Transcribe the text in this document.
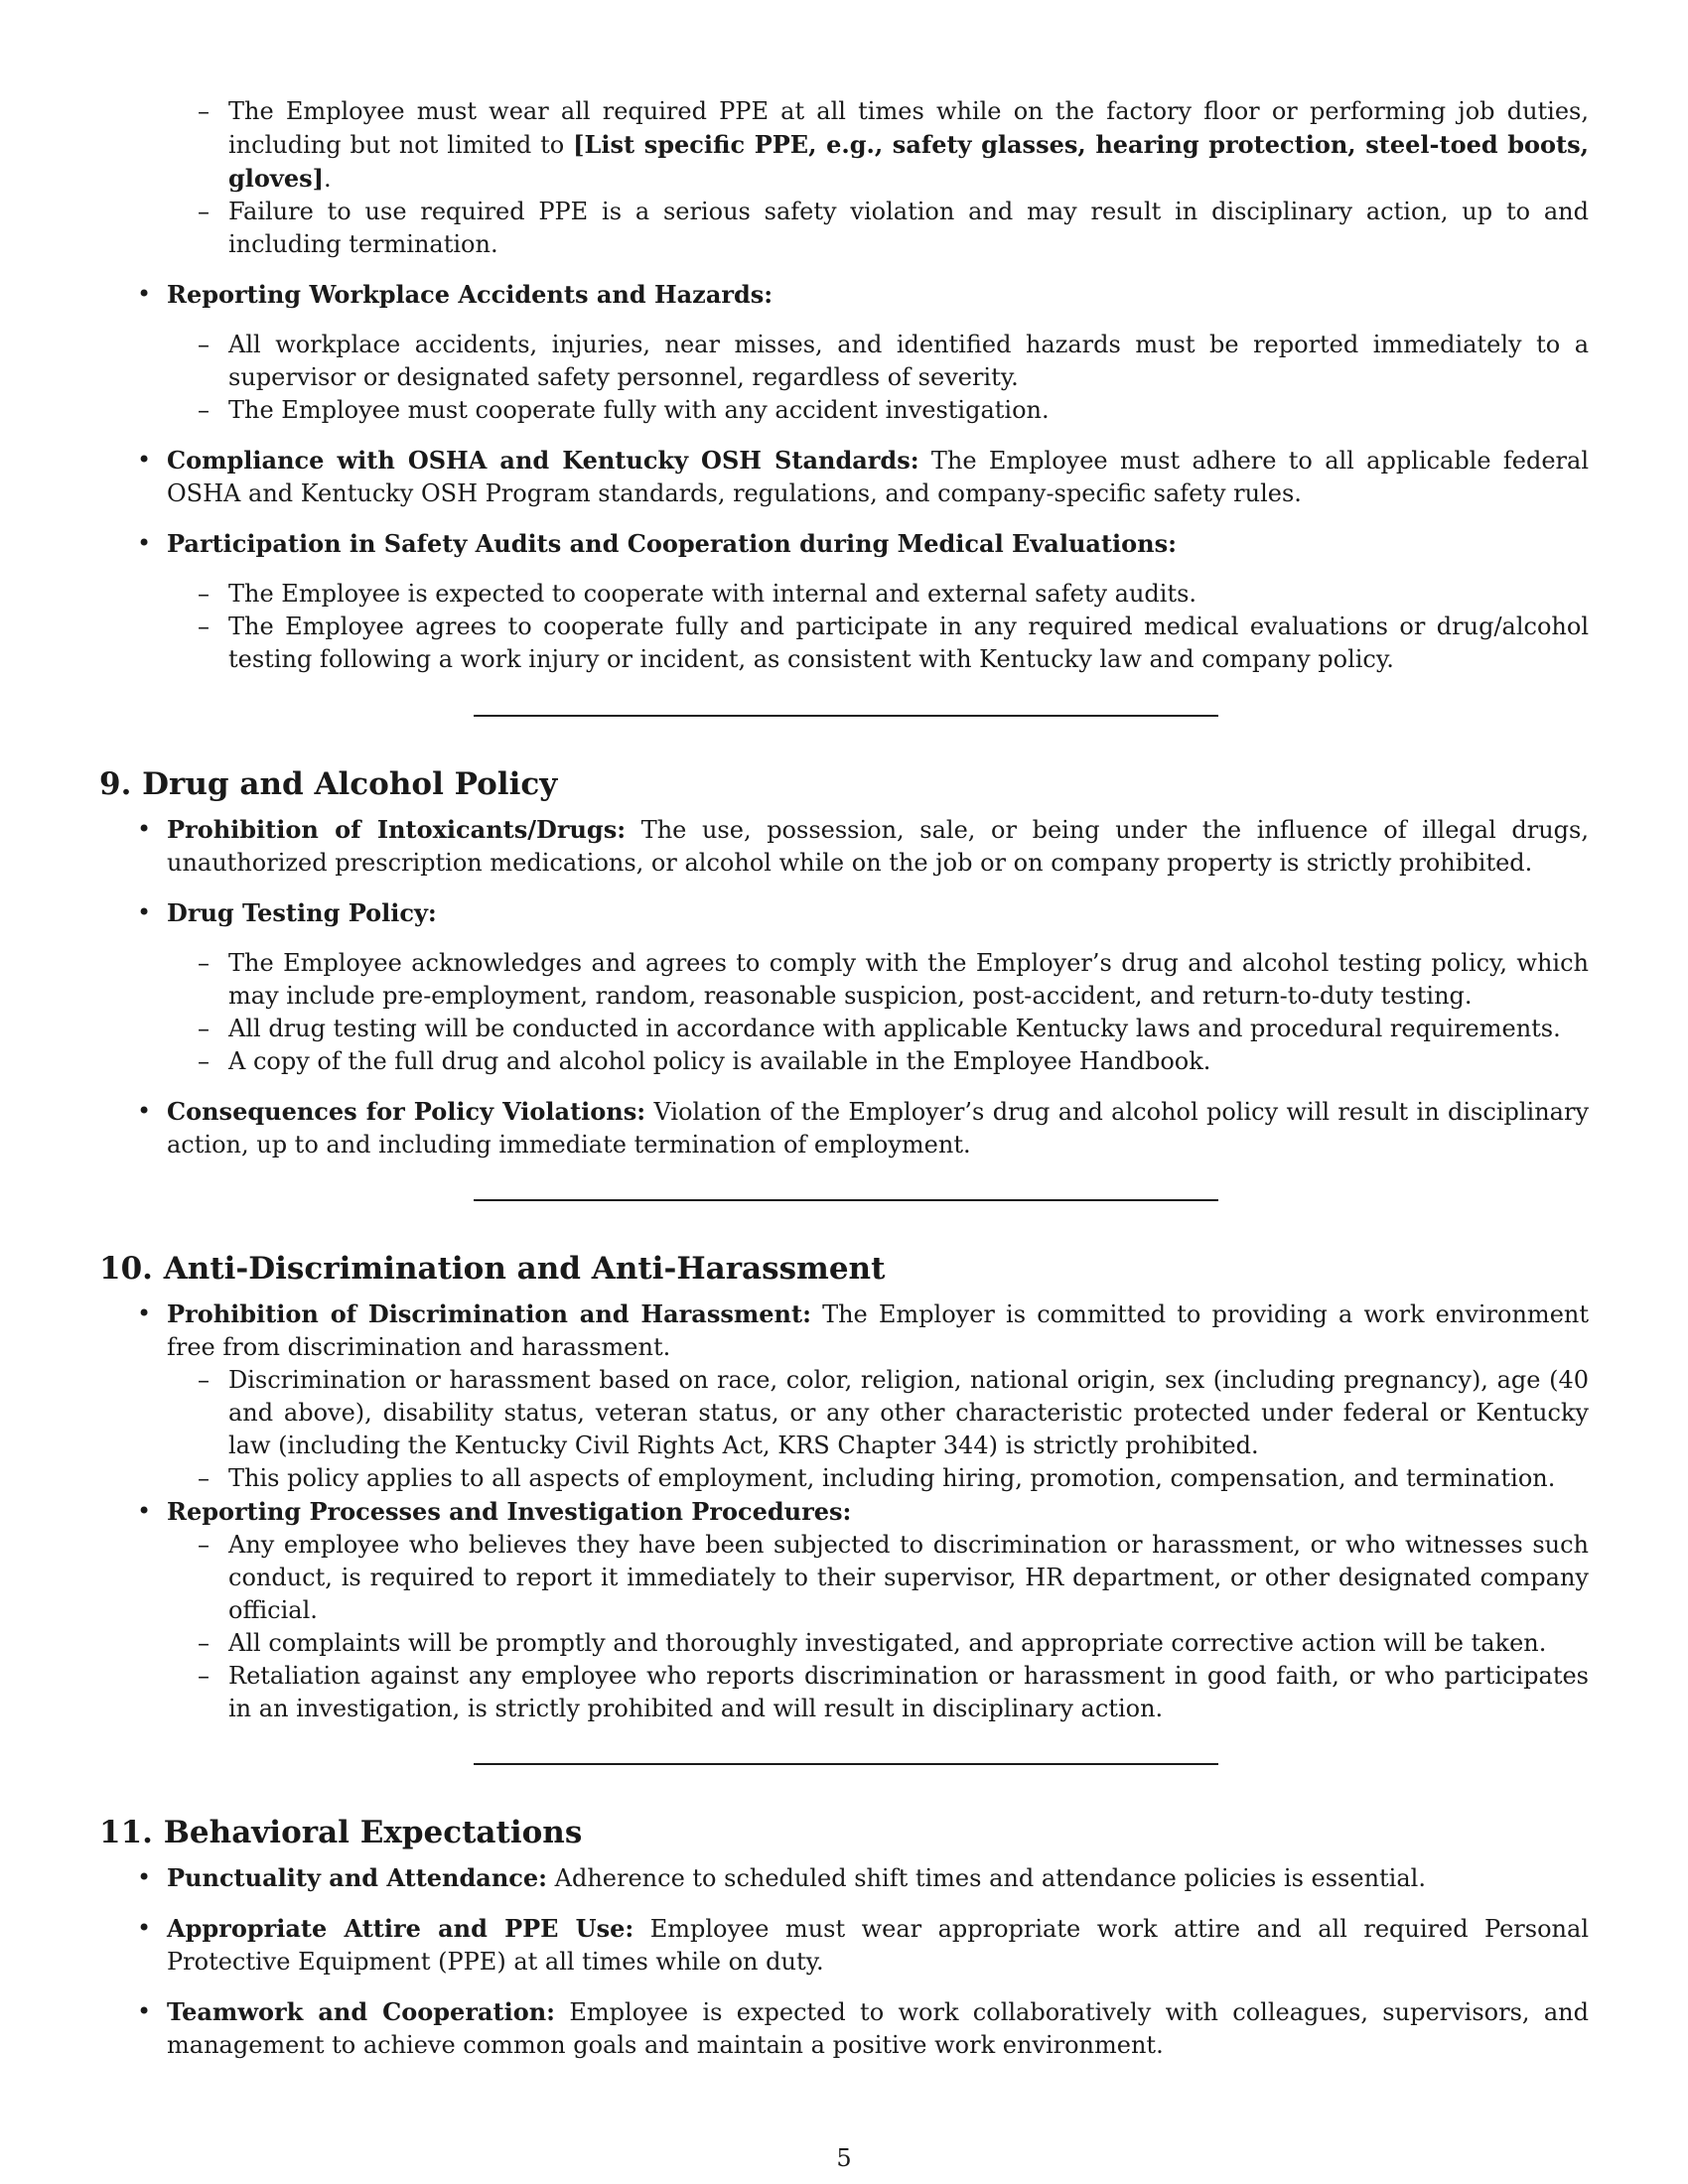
– The Employee must wear all required PPE at all times while on the factory floor or performing job duties, including but not limited to [List specific PPE, e.g., safety glasses, hearing protection, steel-toed boots, gloves].
– Failure to use required PPE is a serious safety violation and may result in disciplinary action, up to and including termination.
• Reporting Workplace Accidents and Hazards:
– All workplace accidents, injuries, near misses, and identified hazards must be reported immediately to a supervisor or designated safety personnel, regardless of severity.
– The Employee must cooperate fully with any accident investigation.
• Compliance with OSHA and Kentucky OSH Standards: The Employee must adhere to all applicable federal OSHA and Kentucky OSH Program standards, regulations, and company-specific safety rules.
• Participation in Safety Audits and Cooperation during Medical Evaluations:
– The Employee is expected to cooperate with internal and external safety audits.
– The Employee agrees to cooperate fully and participate in any required medical evaluations or drug/alcohol testing following a work injury or incident, as consistent with Kentucky law and company policy.
9. Drug and Alcohol Policy
• Prohibition of Intoxicants/Drugs: The use, possession, sale, or being under the influence of illegal drugs, unauthorized prescription medications, or alcohol while on the job or on company property is strictly prohibited.
• Drug Testing Policy:
– The Employee acknowledges and agrees to comply with the Employer’s drug and alcohol testing policy, which may include pre-employment, random, reasonable suspicion, post-accident, and return-to-duty testing.
– All drug testing will be conducted in accordance with applicable Kentucky laws and procedural requirements.
– A copy of the full drug and alcohol policy is available in the Employee Handbook.
• Consequences for Policy Violations: Violation of the Employer’s drug and alcohol policy will result in disciplinary action, up to and including immediate termination of employment.
10. Anti-Discrimination and Anti-Harassment
• Prohibition of Discrimination and Harassment: The Employer is committed to providing a work environment free from discrimination and harassment.
– Discrimination or harassment based on race, color, religion, national origin, sex (including pregnancy), age (40 and above), disability status, veteran status, or any other characteristic protected under federal or Kentucky law (including the Kentucky Civil Rights Act, KRS Chapter 344) is strictly prohibited.
– This policy applies to all aspects of employment, including hiring, promotion, compensation, and termination.
• Reporting Processes and Investigation Procedures:
– Any employee who believes they have been subjected to discrimination or harassment, or who witnesses such conduct, is required to report it immediately to their supervisor, HR department, or other designated company official.
– All complaints will be promptly and thoroughly investigated, and appropriate corrective action will be taken.
– Retaliation against any employee who reports discrimination or harassment in good faith, or who participates in an investigation, is strictly prohibited and will result in disciplinary action.
11. Behavioral Expectations
• Punctuality and Attendance: Adherence to scheduled shift times and attendance policies is essential.
• Appropriate Attire and PPE Use: Employee must wear appropriate work attire and all required Personal Protective Equipment (PPE) at all times while on duty.
• Teamwork and Cooperation: Employee is expected to work collaboratively with colleagues, supervisors, and management to achieve common goals and maintain a positive work environment.
5
